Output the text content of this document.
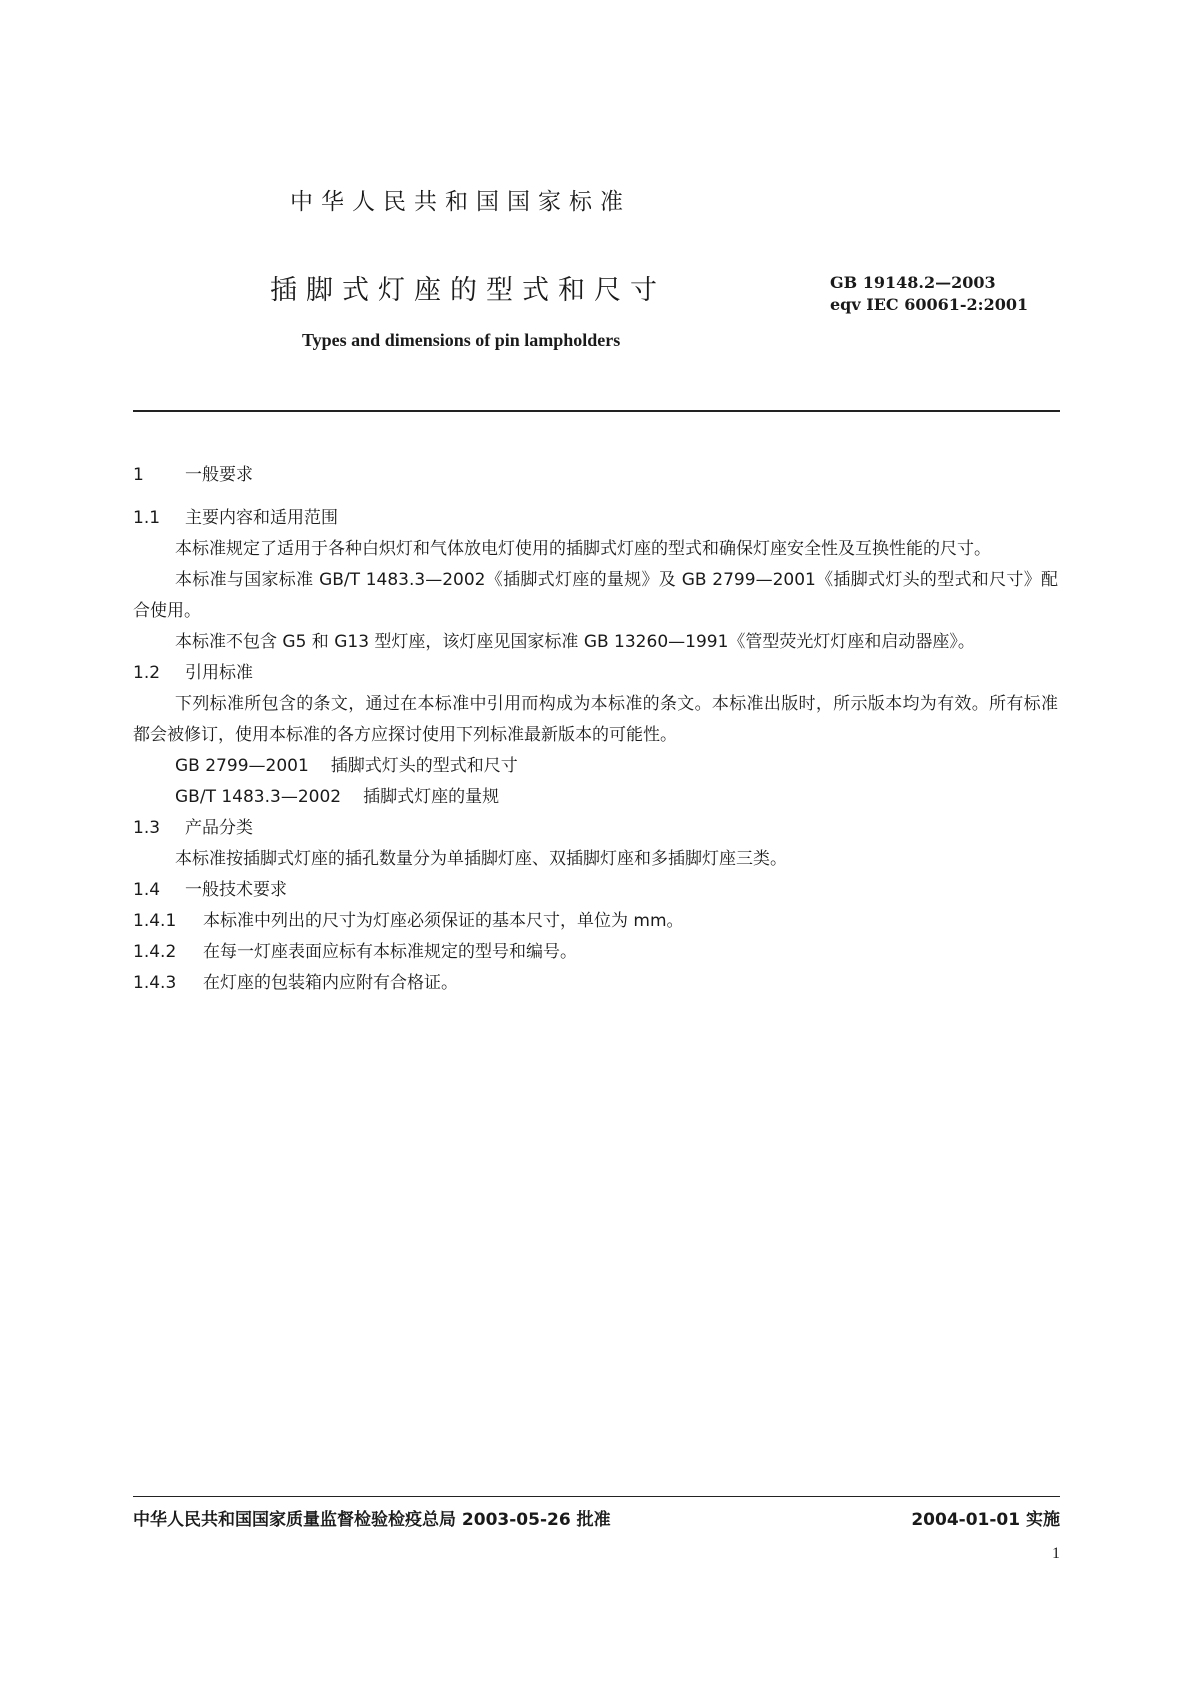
中华人民共和国国家标准
插脚式灯座的型式和尺寸	GB 19148.2—2003
eqv IEC 60061-2:2001
Types and dimensions of pin lampholders
1 一般要求
1.1 主要内容和适用范围
本标准规定了适用于各种白炽灯和气体放电灯使用的插脚式灯座的型式和确保灯座安全性及互换性能的尺寸。
本标准与国家标准 GB/T 1483.3—2002《插脚式灯座的量规》及 GB 2799—2001《插脚式灯头的型式和尺寸》配合使用。
本标准不包含 G5 和 G13 型灯座，该灯座见国家标准 GB 13260—1991《管型荧光灯灯座和启动器座》。
1.2 引用标准
下列标准所包含的条文，通过在本标准中引用而构成为本标准的条文。本标准出版时，所示版本均为有效。所有标准都会被修订，使用本标准的各方应探讨使用下列标准最新版本的可能性。
GB 2799—2001 插脚式灯头的型式和尺寸
GB/T 1483.3—2002 插脚式灯座的量规
1.3 产品分类
本标准按插脚式灯座的插孔数量分为单插脚灯座、双插脚灯座和多插脚灯座三类。
1.4 一般技术要求
1.4.1 本标准中列出的尺寸为灯座必须保证的基本尺寸，单位为 mm。
1.4.2 在每一灯座表面应标有本标准规定的型号和编号。
1.4.3 在灯座的包装箱内应附有合格证。
中华人民共和国国家质量监督检验检疫总局 2003-05-26 批准	2004-01-01 实施
1
